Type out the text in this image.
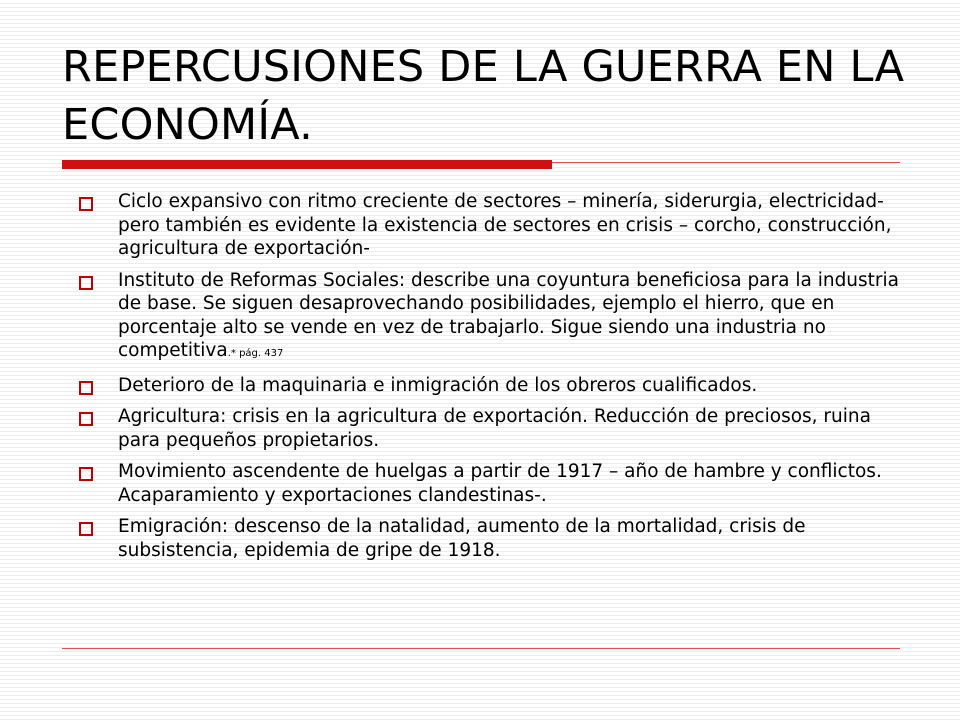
REPERCUSIONES DE LA GUERRA EN LA ECONOMÍA.
Ciclo expansivo con ritmo creciente de sectores – minería, siderurgia, electricidad- pero también es evidente la existencia de sectores en crisis – corcho, construcción, agricultura de exportación-
Instituto de Reformas Sociales: describe una coyuntura beneficiosa para la industria de base. Se siguen desaprovechando posibilidades, ejemplo el hierro, que en porcentaje alto se vende en vez de trabajarlo. Sigue siendo una industria no competitiva.* pág. 437
Deterioro de la maquinaria e inmigración de los obreros cualificados.
Agricultura: crisis en la agricultura de exportación. Reducción de preciosos, ruina para pequeños propietarios.
Movimiento ascendente de huelgas a partir de 1917 – año de hambre y conflictos. Acaparamiento y exportaciones clandestinas-.
Emigración: descenso de la natalidad, aumento de la mortalidad, crisis de subsistencia, epidemia de gripe de 1918.
